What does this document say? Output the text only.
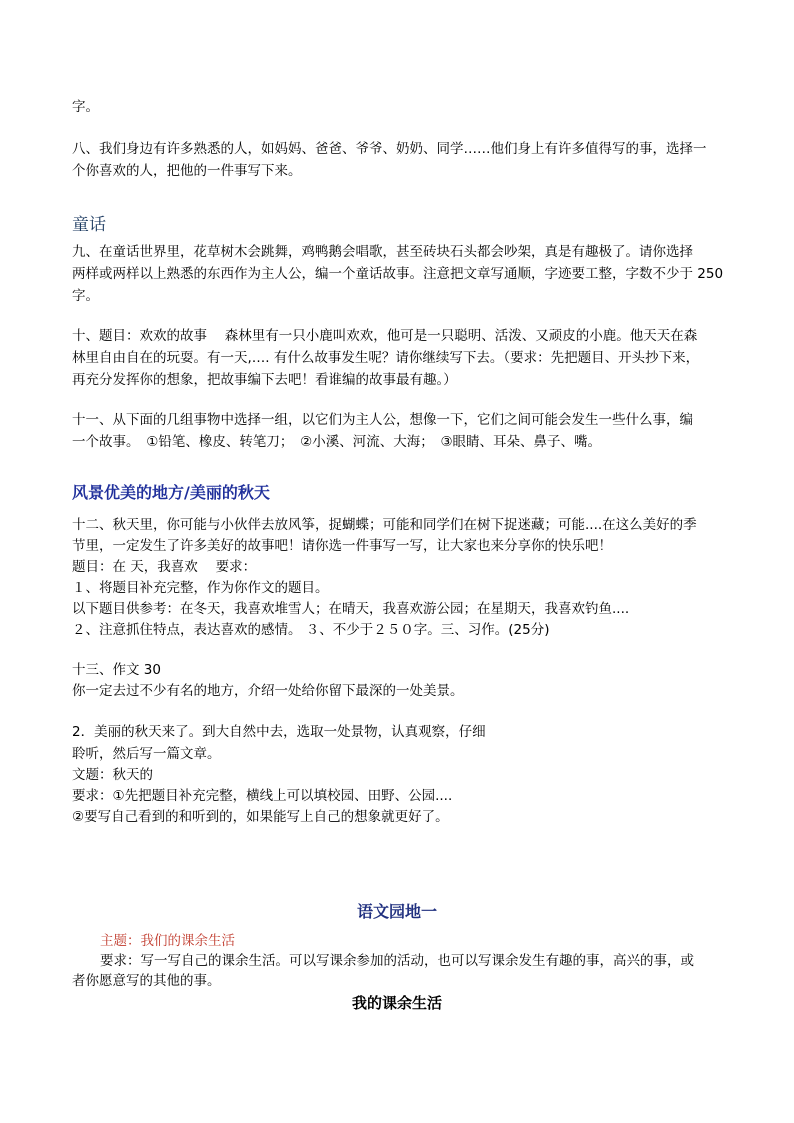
字。
八、我们身边有许多熟悉的人，如妈妈、爸爸、爷爷、奶奶、同学……他们身上有许多值得写的事，选择一
个你喜欢的人，把他的一件事写下来。
童话
九、在童话世界里，花草树木会跳舞，鸡鸭鹅会唱歌，甚至砖块石头都会吵架，真是有趣极了。请你选择
两样或两样以上熟悉的东西作为主人公，编一个童话故事。注意把文章写通顺，字迹要工整，字数不少于 250
字。
十、题目：欢欢的故事　 森林里有一只小鹿叫欢欢，他可是一只聪明、活泼、又顽皮的小鹿。他天天在森
林里自由自在的玩耍。有一天,…. 有什么故事发生呢？请你继续写下去。（要求：先把题目、开头抄下来，
再充分发挥你的想象，把故事编下去吧！看谁编的故事最有趣。）
十一、从下面的几组事物中选择一组，以它们为主人公，想像一下，它们之间可能会发生一些什么事，编
一个故事。　①铅笔、橡皮、转笔刀；　②小溪、河流、大海；　③眼睛、耳朵、鼻子、嘴。
风景优美的地方/美丽的秋天
十二、秋天里，你可能与小伙伴去放风筝，捉蝴蝶；可能和同学们在树下捉迷藏；可能....在这么美好的季
节里，一定发生了许多美好的故事吧！请你选一件事写一写，让大家也来分享你的快乐吧！
题目：在 天，我喜欢　 要求：
１、将题目补充完整，作为你作文的题目。
以下题目供参考：在冬天，我喜欢堆雪人；在晴天，我喜欢游公园；在星期天，我喜欢钓鱼....
２、注意抓住特点，表达喜欢的感情。 ３、不少于２５０字。三、习作。(25分)
十三、作文 30
你一定去过不少有名的地方，介绍一处给你留下最深的一处美景。
2．美丽的秋天来了。到大自然中去，选取一处景物，认真观察，仔细
聆听，然后写一篇文章。
文题：秋天的
要求：①先把题目补充完整，横线上可以填校园、田野、公园....
②要写自己看到的和听到的，如果能写上自己的想象就更好了。
语文园地一
主题：我们的课余生活
要求：写一写自己的课余生活。可以写课余参加的活动，也可以写课余发生有趣的事，高兴的事，或
者你愿意写的其他的事。
我的课余生活
